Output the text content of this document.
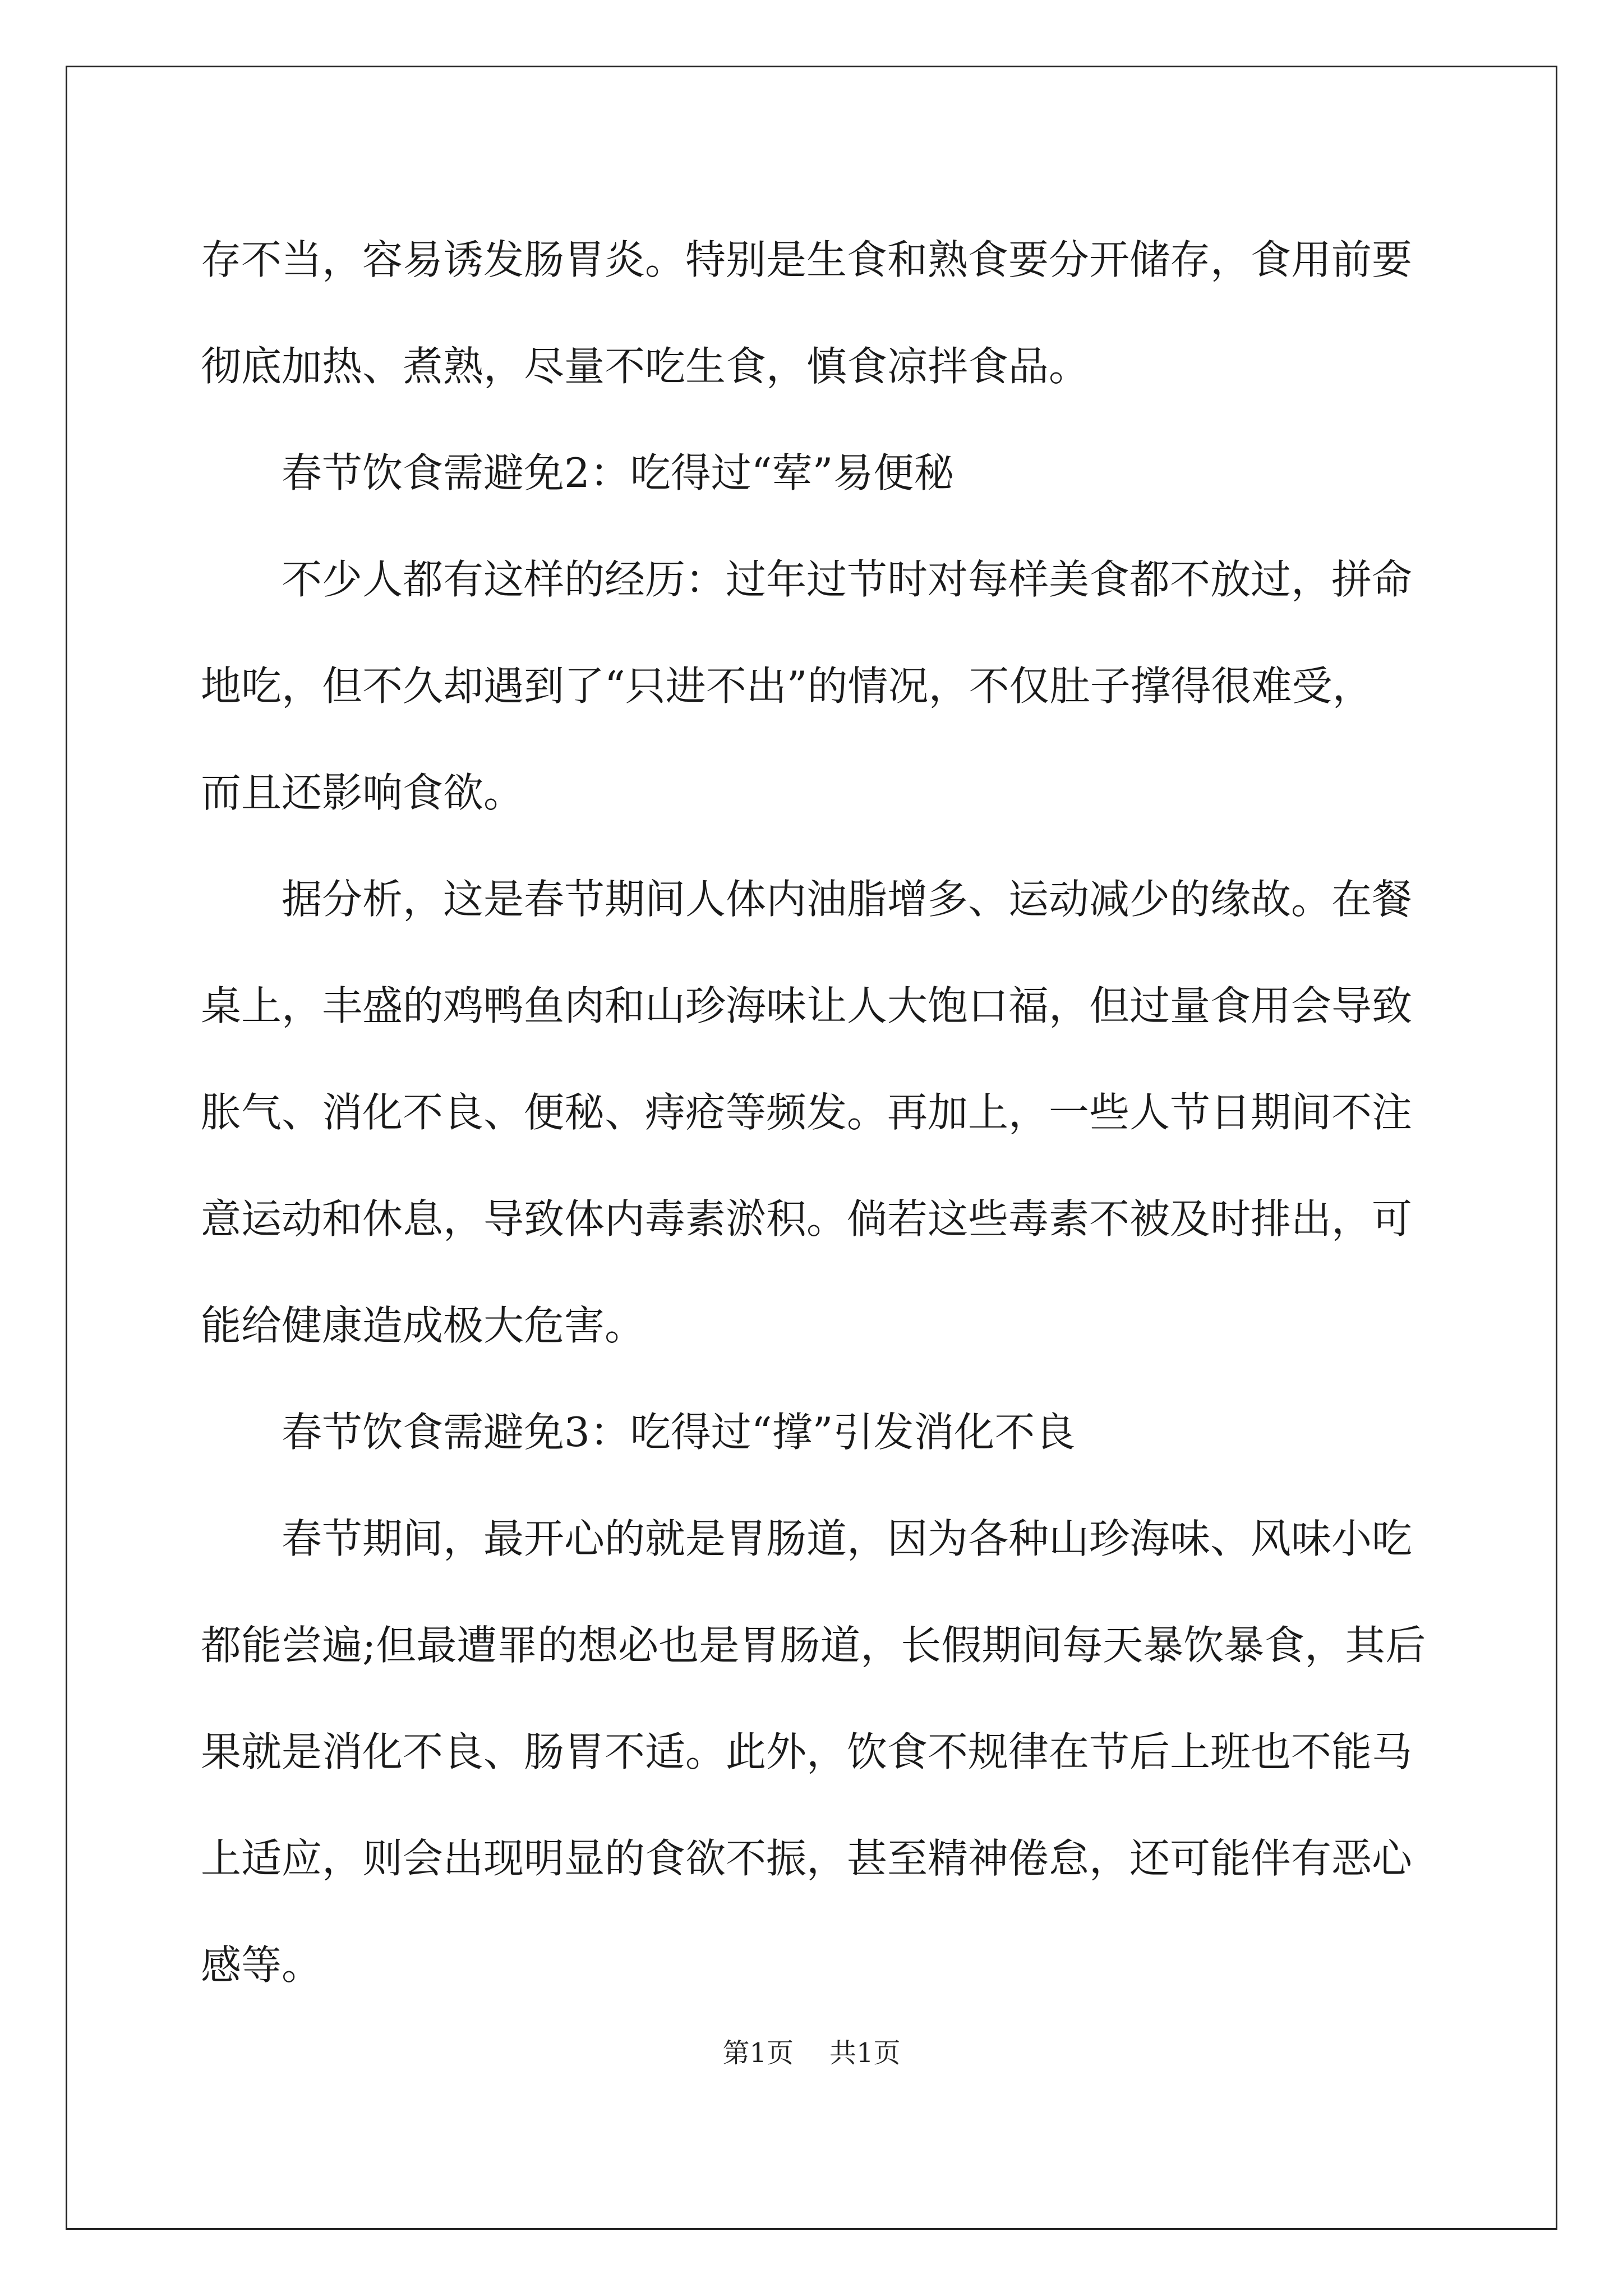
存不当，容易诱发肠胃炎。特别是生食和熟食要分开储存，食用前要
彻底加热、煮熟，尽量不吃生食，慎食凉拌食品。
春节饮食需避免2：吃得过“荤”易便秘
不少人都有这样的经历：过年过节时对每样美食都不放过，拼命
地吃，但不久却遇到了“只进不出”的情况，不仅肚子撑得很难受，
而且还影响食欲。
据分析，这是春节期间人体内油脂增多、运动减少的缘故。在餐
桌上，丰盛的鸡鸭鱼肉和山珍海味让人大饱口福，但过量食用会导致
胀气、消化不良、便秘、痔疮等频发。再加上，一些人节日期间不注
意运动和休息，导致体内毒素淤积。倘若这些毒素不被及时排出，可
能给健康造成极大危害。
春节饮食需避免3：吃得过“撑”引发消化不良
春节期间，最开心的就是胃肠道，因为各种山珍海味、风味小吃
都能尝遍;但最遭罪的想必也是胃肠道，长假期间每天暴饮暴食，其后
果就是消化不良、肠胃不适。此外，饮食不规律在节后上班也不能马
上适应，则会出现明显的食欲不振，甚至精神倦怠，还可能伴有恶心
感等。
第1页 共1页
